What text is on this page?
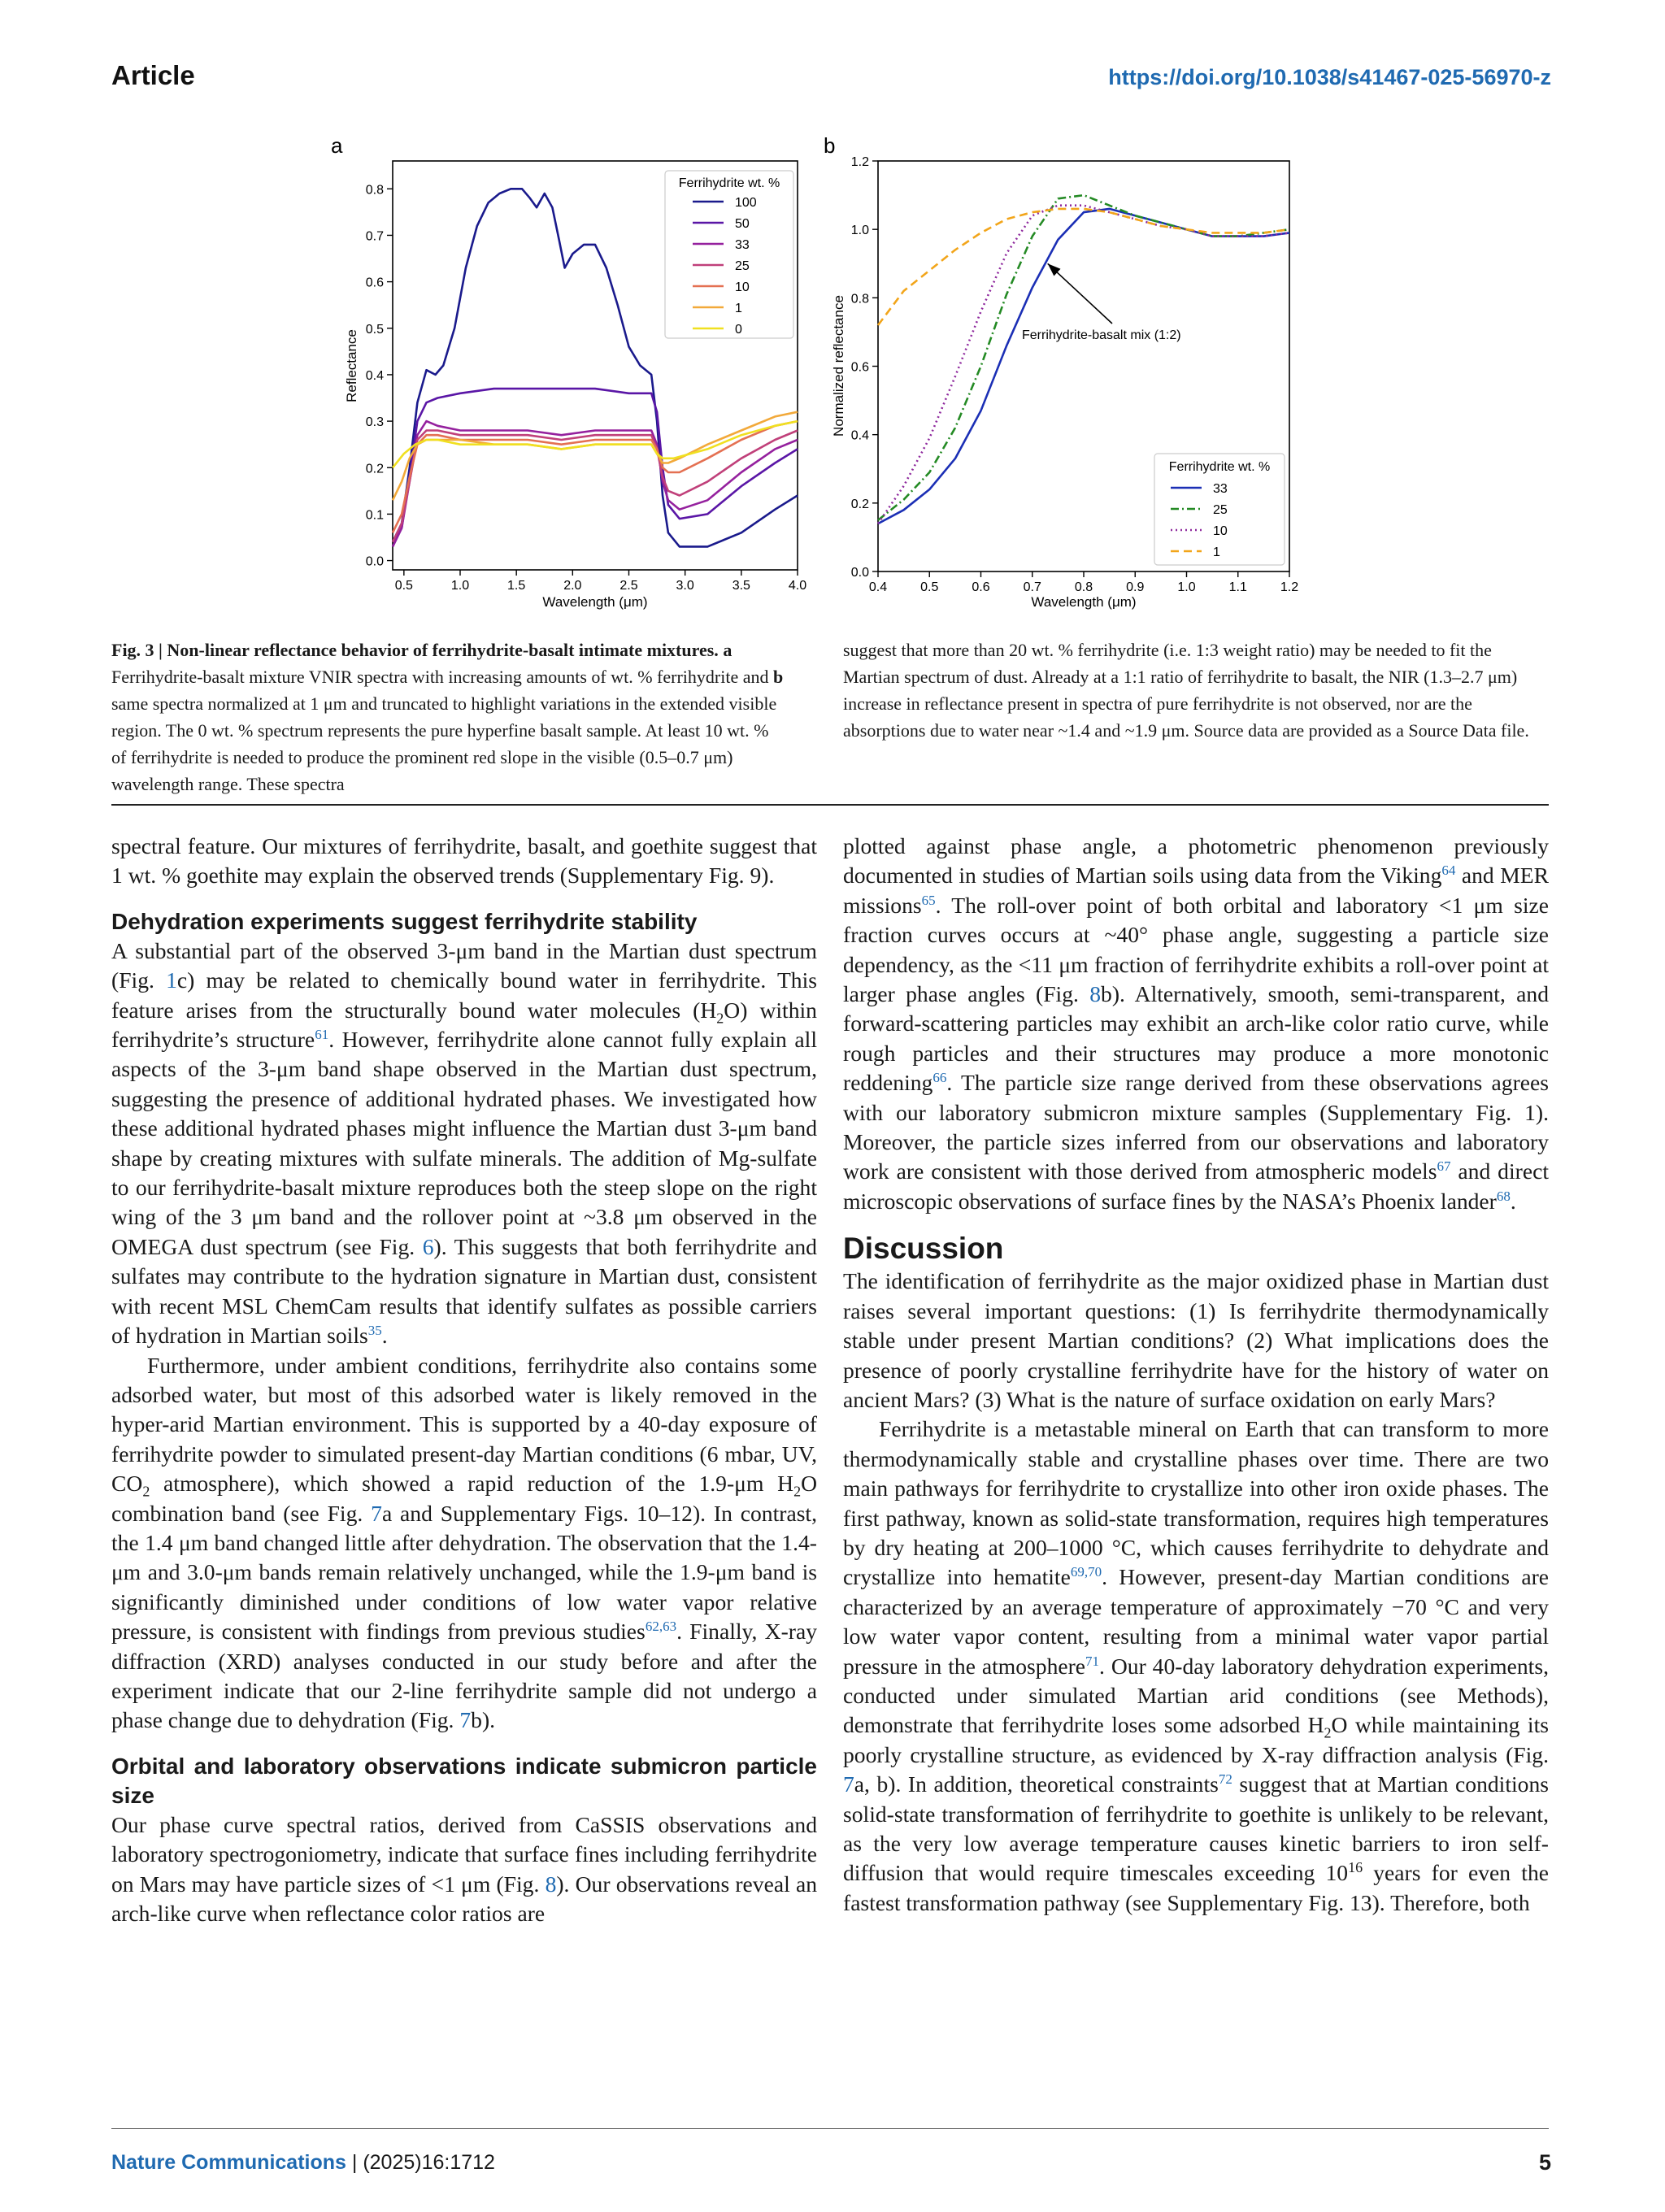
Article	https://doi.org/10.1038/s41467-025-56970-z
a
0.0
0.1
0.2
0.3
0.4
0.5
0.6
0.7
0.8
0.5	1.0	1.5	2.0	2.5	3.0	3.5	4.0
Wavelength (μm)
Reflectance
Ferrihydrite wt. %
100
50
33
25
10
1
0
b
0.0
0.2
0.4
0.6
0.8
1.0
1.2
0.4	0.5	0.6	0.7	0.8	0.9	1.0	1.1	1.2
Ferrihydrite-basalt mix (1:2)
Wavelength (μm)
Normalized reflectance
Ferrihydrite wt. %
33
25
10
1
Fig. 3 | Non-linear reflectance behavior of ferrihydrite-basalt intimate mixtures. a Ferrihydrite-basalt mixture VNIR spectra with increasing amounts of wt. % ferrihydrite and b same spectra normalized at 1 μm and truncated to highlight variations in the extended visible region. The 0 wt. % spectrum represents the pure hyperfine basalt sample. At least 10 wt. % of ferrihydrite is needed to produce the prominent red slope in the visible (0.5–0.7 μm) wavelength range. These spectra
suggest that more than 20 wt. % ferrihydrite (i.e. 1:3 weight ratio) may be needed to fit the Martian spectrum of dust. Already at a 1:1 ratio of ferrihydrite to basalt, the NIR (1.3–2.7 μm) increase in reflectance present in spectra of pure ferrihydrite is not observed, nor are the absorptions due to water near ~1.4 and ~1.9 μm. Source data are provided as a Source Data file.

spectral feature. Our mixtures of ferrihydrite, basalt, and goethite suggest that 1 wt. % goethite may explain the observed trends (Supplementary Fig. 9).

Dehydration experiments suggest ferrihydrite stability

A substantial part of the observed 3-μm band in the Martian dust spectrum (Fig. 1c) may be related to chemically bound water in ferrihydrite. This feature arises from the structurally bound water molecules $(H_2O)$ within ferrihydrite’s structure$^{61}$. However, ferrihydrite alone cannot fully explain all aspects of the 3-μm band shape observed in the Martian dust spectrum, suggesting the presence of additional hydrated phases. We investigated how these additional hydrated phases might influence the Martian dust 3-μm band shape by creating mixtures with sulfate minerals. The addition of Mg-sulfate to our ferrihydrite-basalt mixture reproduces both the steep slope on the right wing of the 3 μm band and the rollover point at ~3.8 μm observed in the OMEGA dust spectrum (see Fig. 6). This suggests that both ferrihydrite and sulfates may contribute to the hydration signature in Martian dust, consistent with recent MSL ChemCam results that identify sulfates as possible carriers of hydration in Martian soils$^{35}$.

Furthermore, under ambient conditions, ferrihydrite also contains some adsorbed water, but most of this adsorbed water is likely removed in the hyper-arid Martian environment. This is supported by a 40-day exposure of ferrihydrite powder to simulated present-day Martian conditions (6 mbar, UV, $CO_2$ atmosphere), which showed a rapid reduction of the 1.9-μm $H_2O$ combination band (see Fig. 7a and Supplementary Figs. 10–12). In contrast, the 1.4 μm band changed little after dehydration. The observation that the 1.4-μm and 3.0-μm bands remain relatively unchanged, while the 1.9-μm band is significantly diminished under conditions of low water vapor relative pressure, is consistent with findings from previous studies$^{62,63}$. Finally, X-ray diffraction (XRD) analyses conducted in our study before and after the experiment indicate that our 2-line ferrihydrite sample did not undergo a phase change due to dehydration (Fig. 7b).

Orbital and laboratory observations indicate submicron particle size

Our phase curve spectral ratios, derived from CaSSIS observations and laboratory spectrogoniometry, indicate that surface fines including ferrihydrite on Mars may have particle sizes of <1 μm (Fig. 8). Our observations reveal an arch-like curve when reflectance color ratios are

plotted against phase angle, a photometric phenomenon previously documented in studies of Martian soils using data from the Viking$^{64}$ and MER missions$^{65}$. The roll-over point of both orbital and laboratory <1 μm size fraction curves occurs at ~40° phase angle, suggesting a particle size dependency, as the <11 μm fraction of ferrihydrite exhibits a roll-over point at larger phase angles (Fig. 8b). Alternatively, smooth, semi-transparent, and forward-scattering particles may exhibit an arch-like color ratio curve, while rough particles and their structures may produce a more monotonic reddening$^{66}$. The particle size range derived from these observations agrees with our laboratory submicron mixture samples (Supplementary Fig. 1). Moreover, the particle sizes inferred from our observations and laboratory work are consistent with those derived from atmospheric models$^{67}$ and direct microscopic observations of surface fines by the NASA’s Phoenix lander$^{68}$.

Discussion

The identification of ferrihydrite as the major oxidized phase in Martian dust raises several important questions: (1) Is ferrihydrite thermodynamically stable under present Martian conditions? (2) What implications does the presence of poorly crystalline ferrihydrite have for the history of water on ancient Mars? (3) What is the nature of surface oxidation on early Mars?

Ferrihydrite is a metastable mineral on Earth that can transform to more thermodynamically stable and crystalline phases over time. There are two main pathways for ferrihydrite to crystallize into other iron oxide phases. The first pathway, known as solid-state transformation, requires high temperatures by dry heating at 200–1000 °C, which causes ferrihydrite to dehydrate and crystallize into hematite$^{69,70}$. However, present-day Martian conditions are characterized by an average temperature of approximately −70 °C and very low water vapor content, resulting from a minimal water vapor partial pressure in the atmosphere$^{71}$. Our 40-day laboratory dehydration experiments, conducted under simulated Martian arid conditions (see Methods), demonstrate that ferrihydrite loses some adsorbed $H_2O$ while maintaining its poorly crystalline structure, as evidenced by X-ray diffraction analysis (Fig. 7a, b). In addition, theoretical constraints$^{72}$ suggest that at Martian conditions solid-state transformation of ferrihydrite to goethite is unlikely to be relevant, as the very low average temperature causes kinetic barriers to iron self-diffusion that would require timescales exceeding $10^{16}$ years for even the fastest transformation pathway (see Supplementary Fig. 13). Therefore, both

Nature Communications | (2025)16:1712	5
